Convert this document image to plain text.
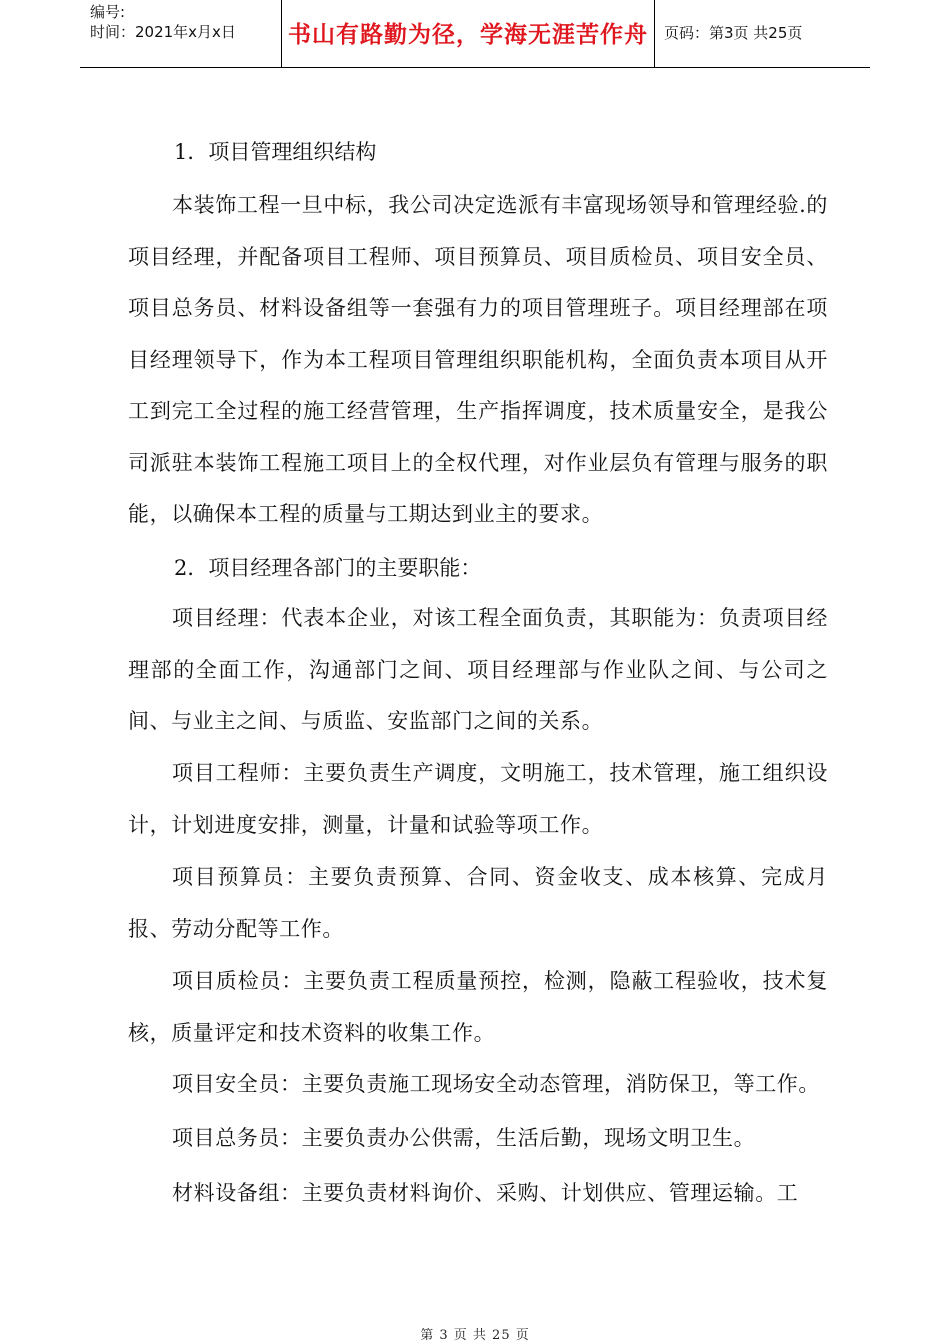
编号:
时间：2021年x月x日	书山有路勤为径，学海无涯苦作舟	页码：第3页 共25页
1．项目管理组织结构
本装饰工程一旦中标，我公司决定选派有丰富现场领导和管理经验.的项目经理，并配备项目工程师、项目预算员、项目质检员、项目安全员、项目总务员、材料设备组等一套强有力的项目管理班子。项目经理部在项目经理领导下，作为本工程项目管理组织职能机构，全面负责本项目从开工到完工全过程的施工经营管理，生产指挥调度，技术质量安全，是我公司派驻本装饰工程施工项目上的全权代理，对作业层负有管理与服务的职能，以确保本工程的质量与工期达到业主的要求。
2．项目经理各部门的主要职能：
项目经理：代表本企业，对该工程全面负责，其职能为：负责项目经理部的全面工作，沟通部门之间、项目经理部与作业队之间、与公司之间、与业主之间、与质监、安监部门之间的关系。
项目工程师：主要负责生产调度，文明施工，技术管理，施工组织设计，计划进度安排，测量，计量和试验等项工作。
项目预算员：主要负责预算、合同、资金收支、成本核算、完成月报、劳动分配等工作。
项目质检员：主要负责工程质量预控，检测，隐蔽工程验收，技术复核，质量评定和技术资料的收集工作。
项目安全员：主要负责施工现场安全动态管理，消防保卫，等工作。
项目总务员：主要负责办公供需，生活后勤，现场文明卫生。
材料设备组：主要负责材料询价、采购、计划供应、管理运输。工
第 3 页 共 25 页
